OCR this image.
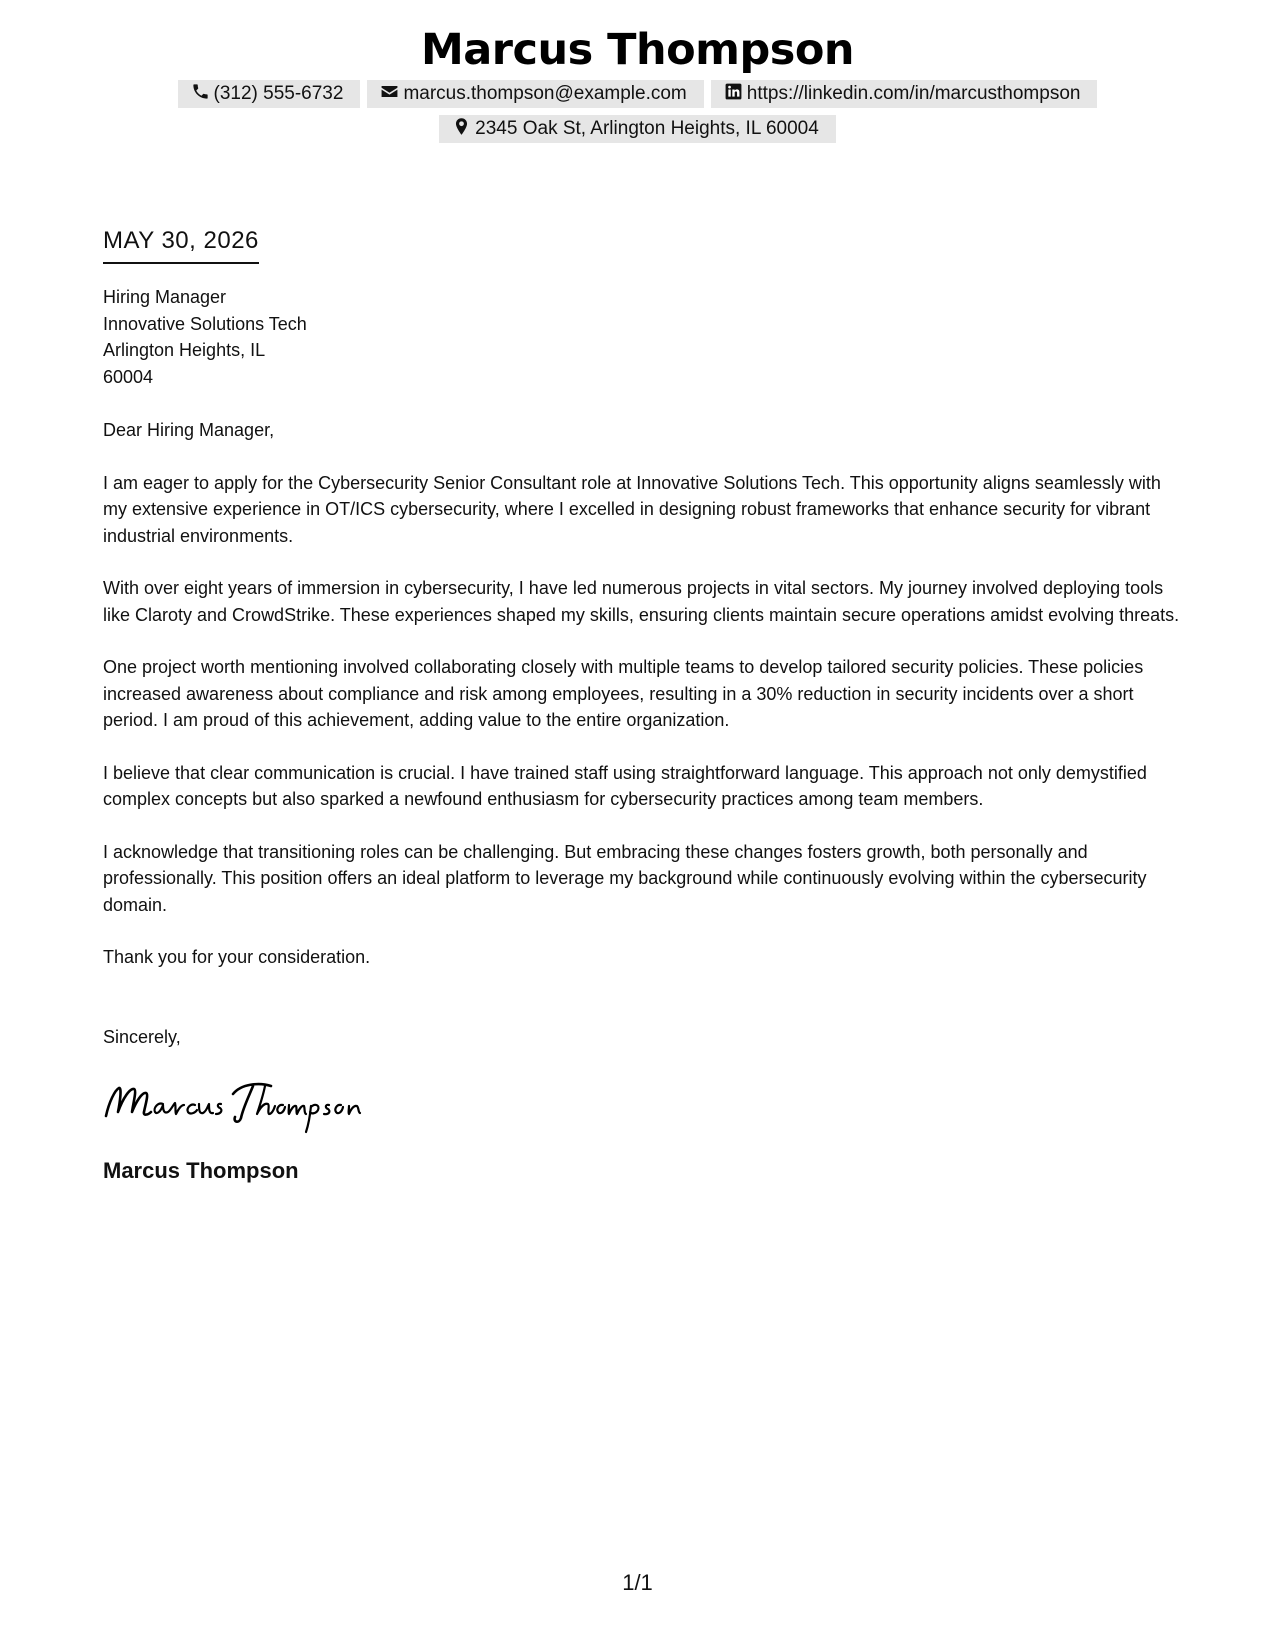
Marcus Thompson
(312) 555-6732	marcus.thompson@example.com	https://linkedin.com/in/marcusthompson
2345 Oak St, Arlington Heights, IL 60004
MAY 30, 2026
Hiring Manager
Innovative Solutions Tech
Arlington Heights, IL
60004

Dear Hiring Manager,

I am eager to apply for the Cybersecurity Senior Consultant role at Innovative Solutions Tech. This opportunity aligns seamlessly with my extensive experience in OT/ICS cybersecurity, where I excelled in designing robust frameworks that enhance security for vibrant industrial environments.

With over eight years of immersion in cybersecurity, I have led numerous projects in vital sectors. My journey involved deploying tools like Claroty and CrowdStrike. These experiences shaped my skills, ensuring clients maintain secure operations amidst evolving threats.

One project worth mentioning involved collaborating closely with multiple teams to develop tailored security policies. These policies increased awareness about compliance and risk among employees, resulting in a 30% reduction in security incidents over a short period. I am proud of this achievement, adding value to the entire organization.

I believe that clear communication is crucial. I have trained staff using straightforward language. This approach not only demystified complex concepts but also sparked a newfound enthusiasm for cybersecurity practices among team members.

I acknowledge that transitioning roles can be challenging. But embracing these changes fosters growth, both personally and professionally. This position offers an ideal platform to leverage my background while continuously evolving within the cybersecurity domain.

Thank you for your consideration.

Sincerely,

Marcus Thompson
1/1
